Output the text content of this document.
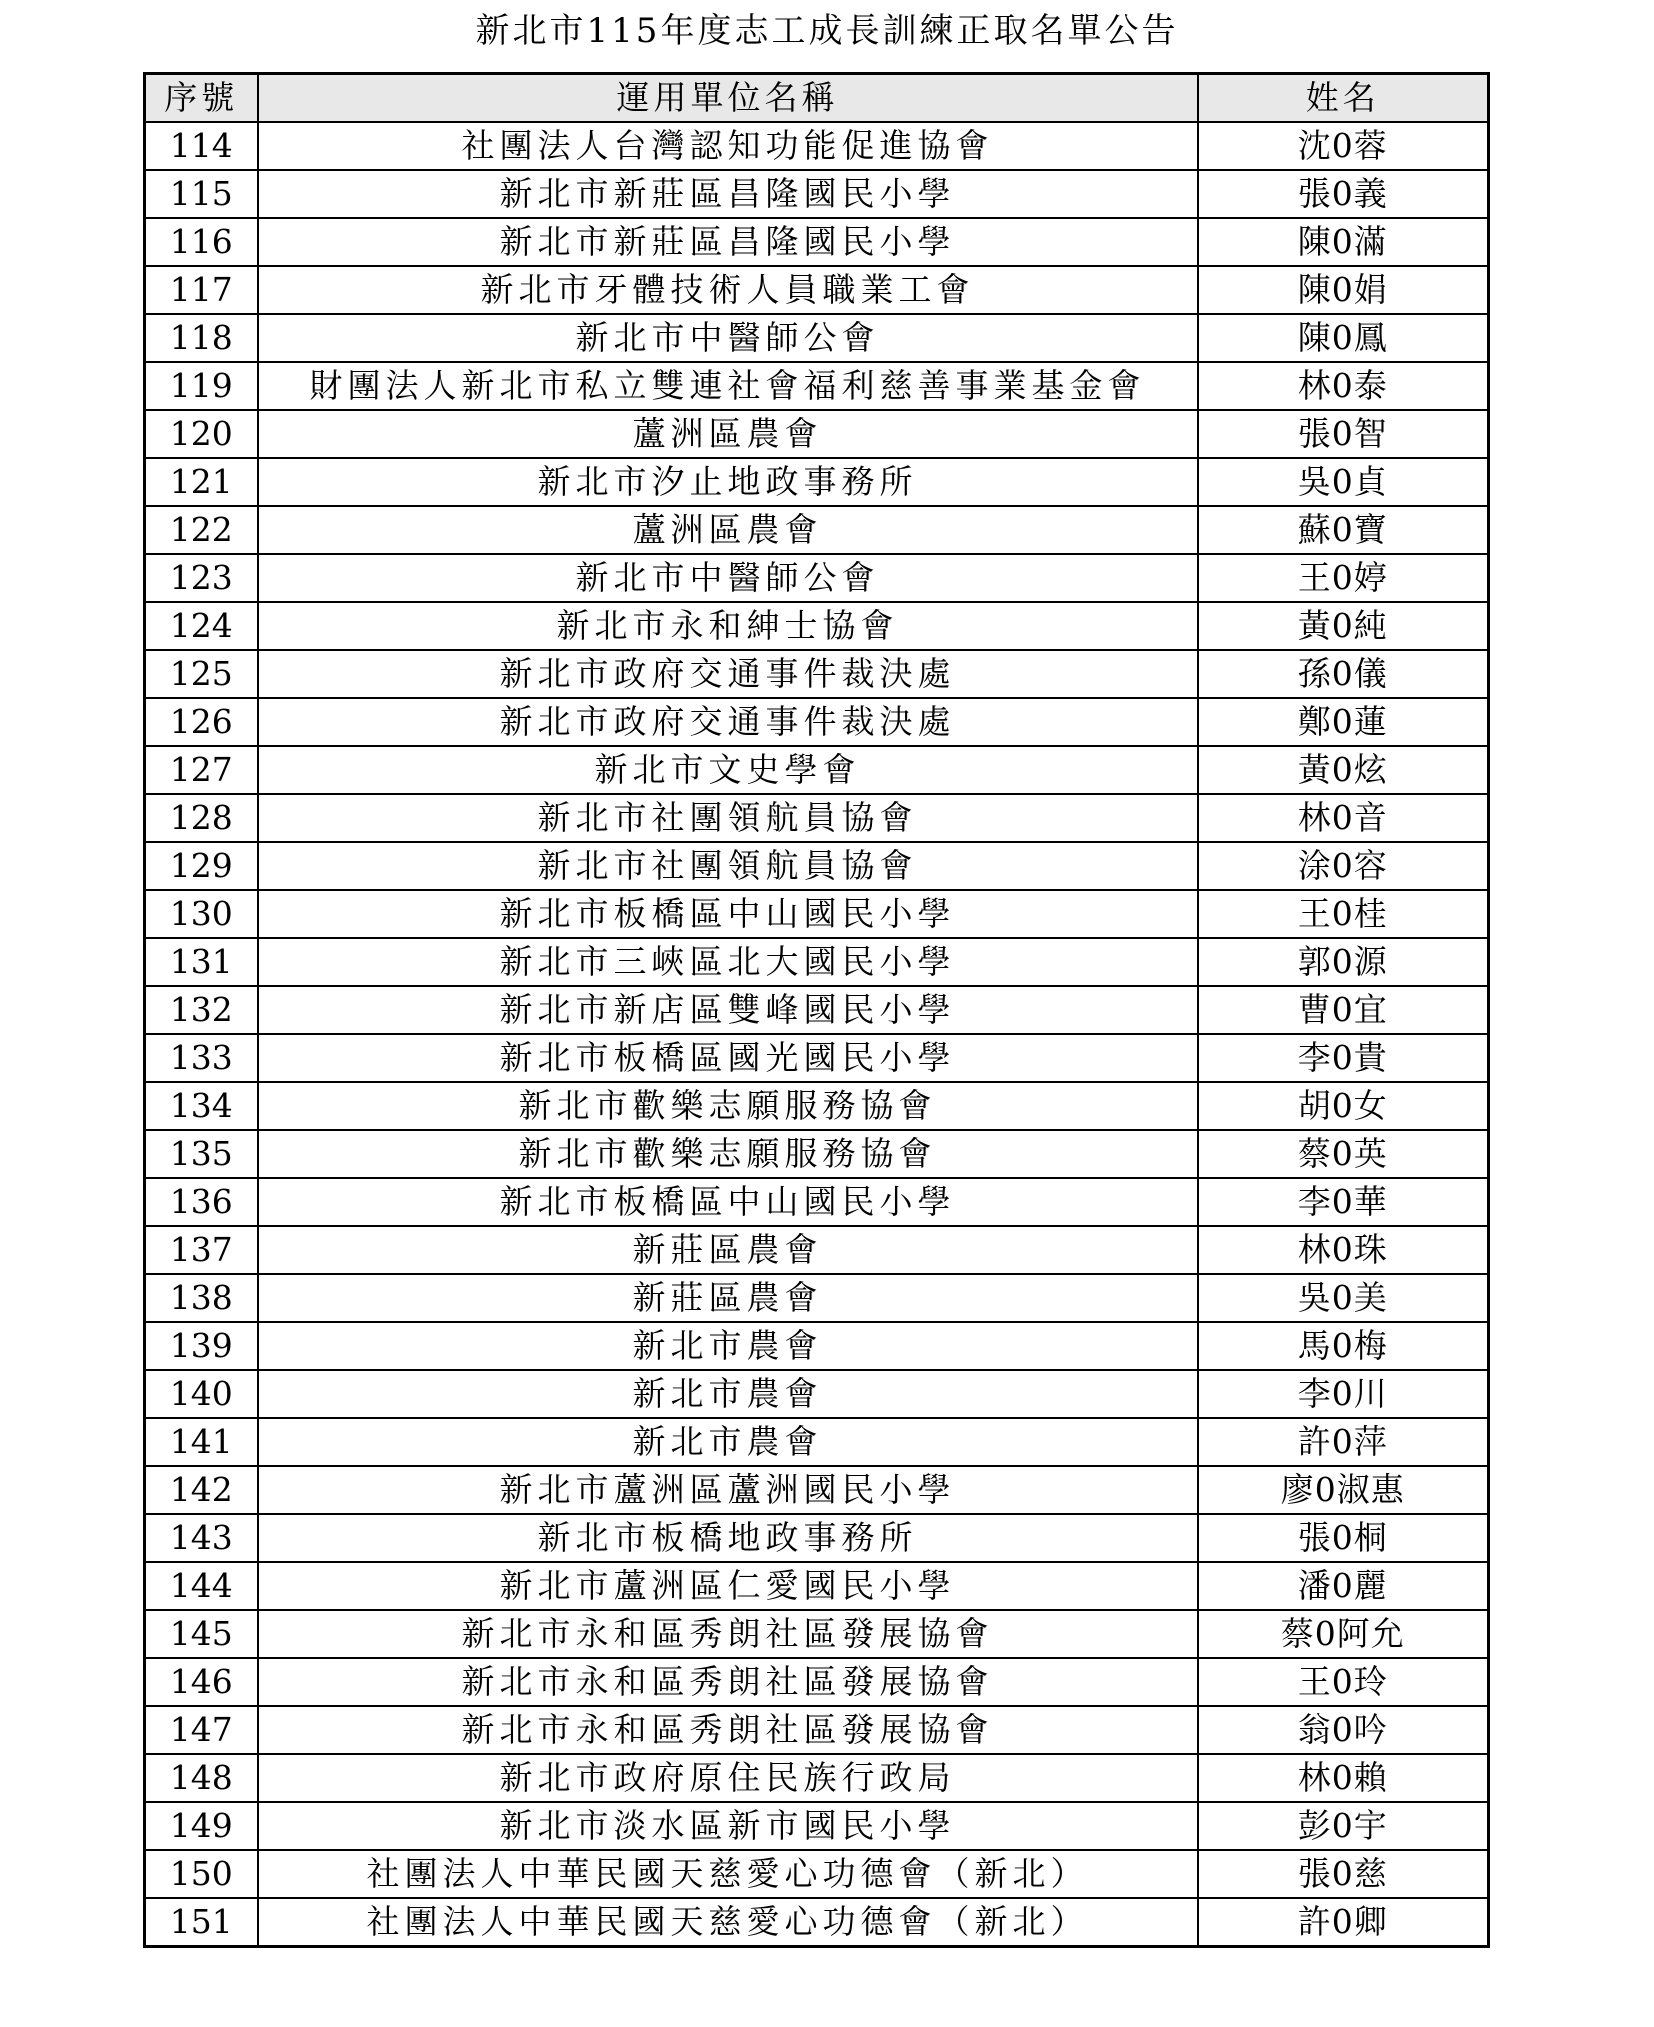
新北市115年度志工成長訓練正取名單公告
序號	運用單位名稱	姓名
114	社團法人台灣認知功能促進協會	沈0蓉
115	新北市新莊區昌隆國民小學	張0義
116	新北市新莊區昌隆國民小學	陳0滿
117	新北市牙體技術人員職業工會	陳0娟
118	新北市中醫師公會	陳0鳳
119	財團法人新北市私立雙連社會福利慈善事業基金會	林0泰
120	蘆洲區農會	張0智
121	新北市汐止地政事務所	吳0貞
122	蘆洲區農會	蘇0寶
123	新北市中醫師公會	王0婷
124	新北市永和紳士協會	黃0純
125	新北市政府交通事件裁決處	孫0儀
126	新北市政府交通事件裁決處	鄭0蓮
127	新北市文史學會	黃0炫
128	新北市社團領航員協會	林0音
129	新北市社團領航員協會	涂0容
130	新北市板橋區中山國民小學	王0桂
131	新北市三峽區北大國民小學	郭0源
132	新北市新店區雙峰國民小學	曹0宜
133	新北市板橋區國光國民小學	李0貴
134	新北市歡樂志願服務協會	胡0女
135	新北市歡樂志願服務協會	蔡0英
136	新北市板橋區中山國民小學	李0華
137	新莊區農會	林0珠
138	新莊區農會	吳0美
139	新北市農會	馬0梅
140	新北市農會	李0川
141	新北市農會	許0萍
142	新北市蘆洲區蘆洲國民小學	廖0淑惠
143	新北市板橋地政事務所	張0桐
144	新北市蘆洲區仁愛國民小學	潘0麗
145	新北市永和區秀朗社區發展協會	蔡0阿允
146	新北市永和區秀朗社區發展協會	王0玲
147	新北市永和區秀朗社區發展協會	翁0吟
148	新北市政府原住民族行政局	林0賴
149	新北市淡水區新市國民小學	彭0宇
150	社團法人中華民國天慈愛心功德會（新北）	張0慈
151	社團法人中華民國天慈愛心功德會（新北）	許0卿
